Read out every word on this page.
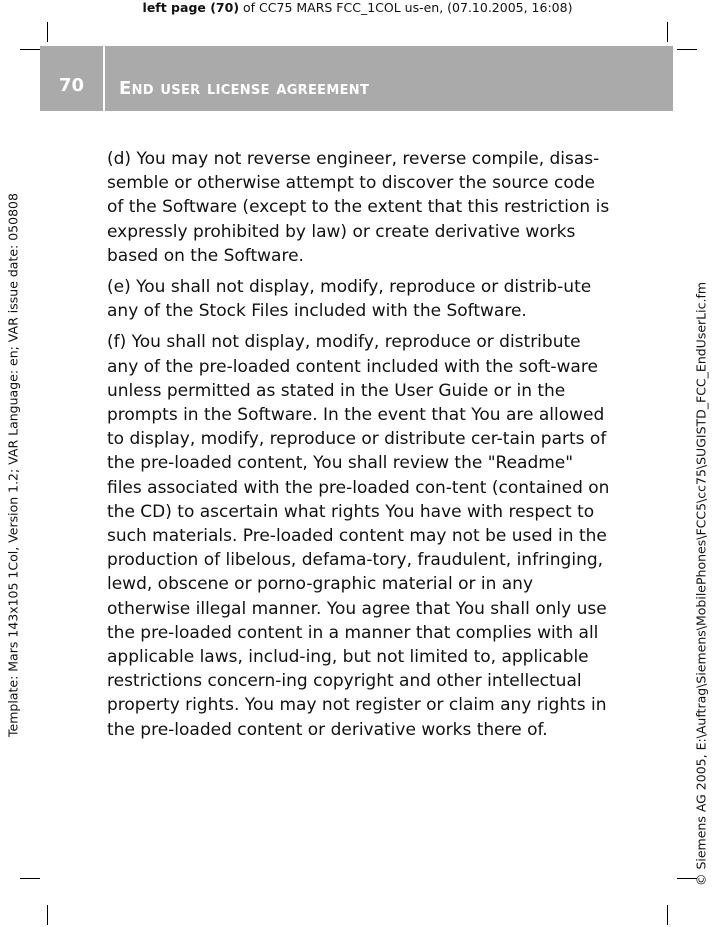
left page (70) of CC75 MARS FCC_1COL us-en, (07.10.2005, 16:08)
Template: Mars 143x105 1Col, Version 1.2; VAR Language: en; VAR issue date: 050808	© Siemens AG 2005, E:\Auftrag\Siemens\MobilePhones\FCC5\cc75\SUGISTD_FCC_EndUserLic.fm
70	End user license agreement

(d) You may not reverse engineer, reverse compile, disas-semble or otherwise attempt to discover the source code of the Software (except to the extent that this restriction is expressly prohibited by law) or create derivative works based on the Software.

(e) You shall not display, modify, reproduce or distrib-ute any of the Stock Files included with the Software.

(f) You shall not display, modify, reproduce or distribute any of the pre-loaded content included with the soft-ware unless permitted as stated in the User Guide or in the prompts in the Software. In the event that You are allowed to display, modify, reproduce or distribute cer-tain parts of the pre-loaded content, You shall review the "Readme" files associated with the pre-loaded con-tent (contained on the CD) to ascertain what rights You have with respect to such materials. Pre-loaded content may not be used in the production of libelous, defama-tory, fraudulent, infringing, lewd, obscene or porno-graphic material or in any otherwise illegal manner. You agree that You shall only use the pre-loaded content in a manner that complies with all applicable laws, includ-ing, but not limited to, applicable restrictions concern-ing copyright and other intellectual property rights. You may not register or claim any rights in the pre-loaded content or derivative works there of.
